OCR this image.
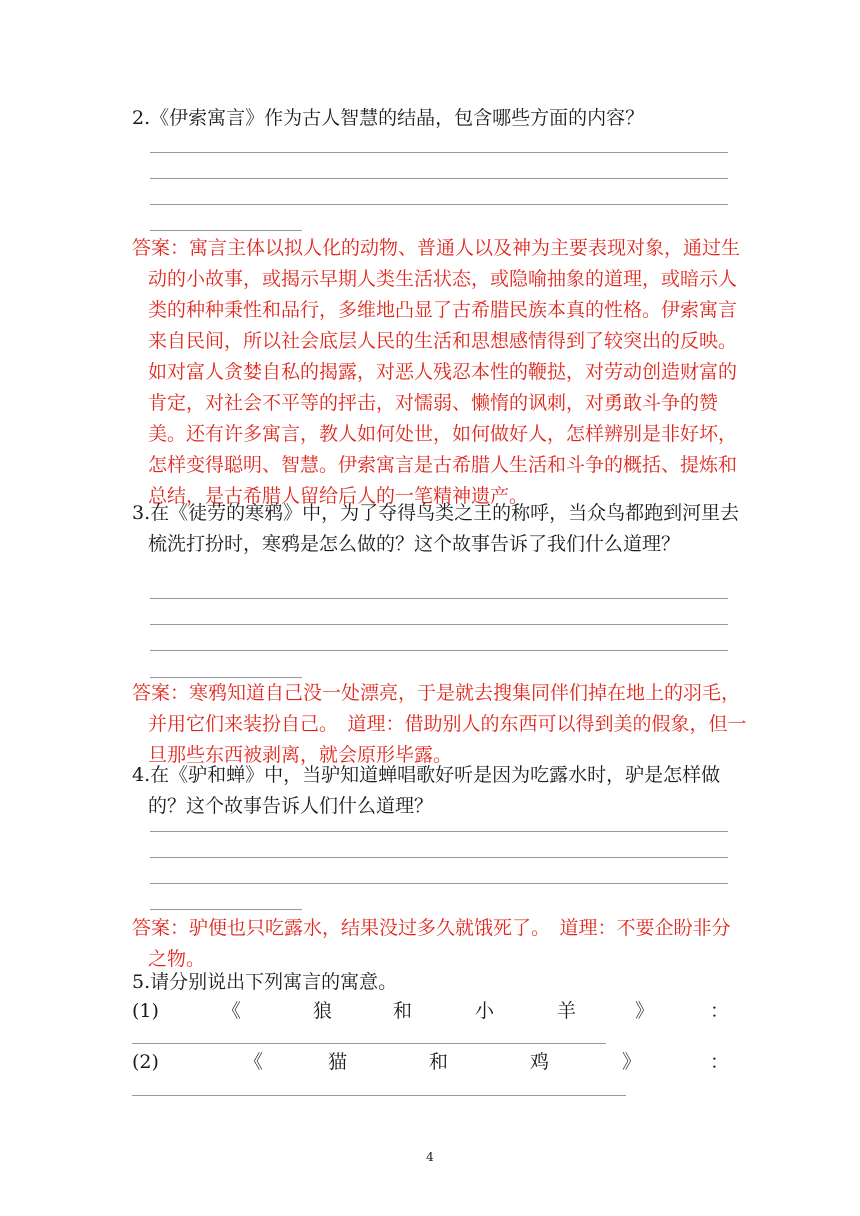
2.《伊索寓言》作为古人智慧的结晶，包含哪些方面的内容？
答案：寓言主体以拟人化的动物、普通人以及神为主要表现对象，通过生动的小故事，或揭示早期人类生活状态，或隐喻抽象的道理，或暗示人类的种种秉性和品行，多维地凸显了古希腊民族本真的性格。伊索寓言来自民间，所以社会底层人民的生活和思想感情得到了较突出的反映。如对富人贪婪自私的揭露，对恶人残忍本性的鞭挞，对劳动创造财富的肯定，对社会不平等的抨击，对懦弱、懒惰的讽刺，对勇敢斗争的赞美。还有许多寓言，教人如何处世，如何做好人，怎样辨别是非好坏，怎样变得聪明、智慧。伊索寓言是古希腊人生活和斗争的概括、提炼和总结，是古希腊人留给后人的一笔精神遗产。
3.在《徒劳的寒鸦》中，为了夺得鸟类之王的称呼，当众鸟都跑到河里去梳洗打扮时，寒鸦是怎么做的？这个故事告诉了我们什么道理？
答案：寒鸦知道自己没一处漂亮，于是就去搜集同伴们掉在地上的羽毛，并用它们来装扮自己。　道理：借助别人的东西可以得到美的假象，但一旦那些东西被剥离，就会原形毕露。
4.在《驴和蝉》中，当驴知道蝉唱歌好听是因为吃露水时，驴是怎样做的？这个故事告诉人们什么道理？
答案：驴便也只吃露水，结果没过多久就饿死了。　道理：不要企盼非分之物。
5.请分别说出下列寓言的寓意。
(1)	《	狼	和	小	羊	》	：
(2)	《	猫	和	鸡	》	：
4
